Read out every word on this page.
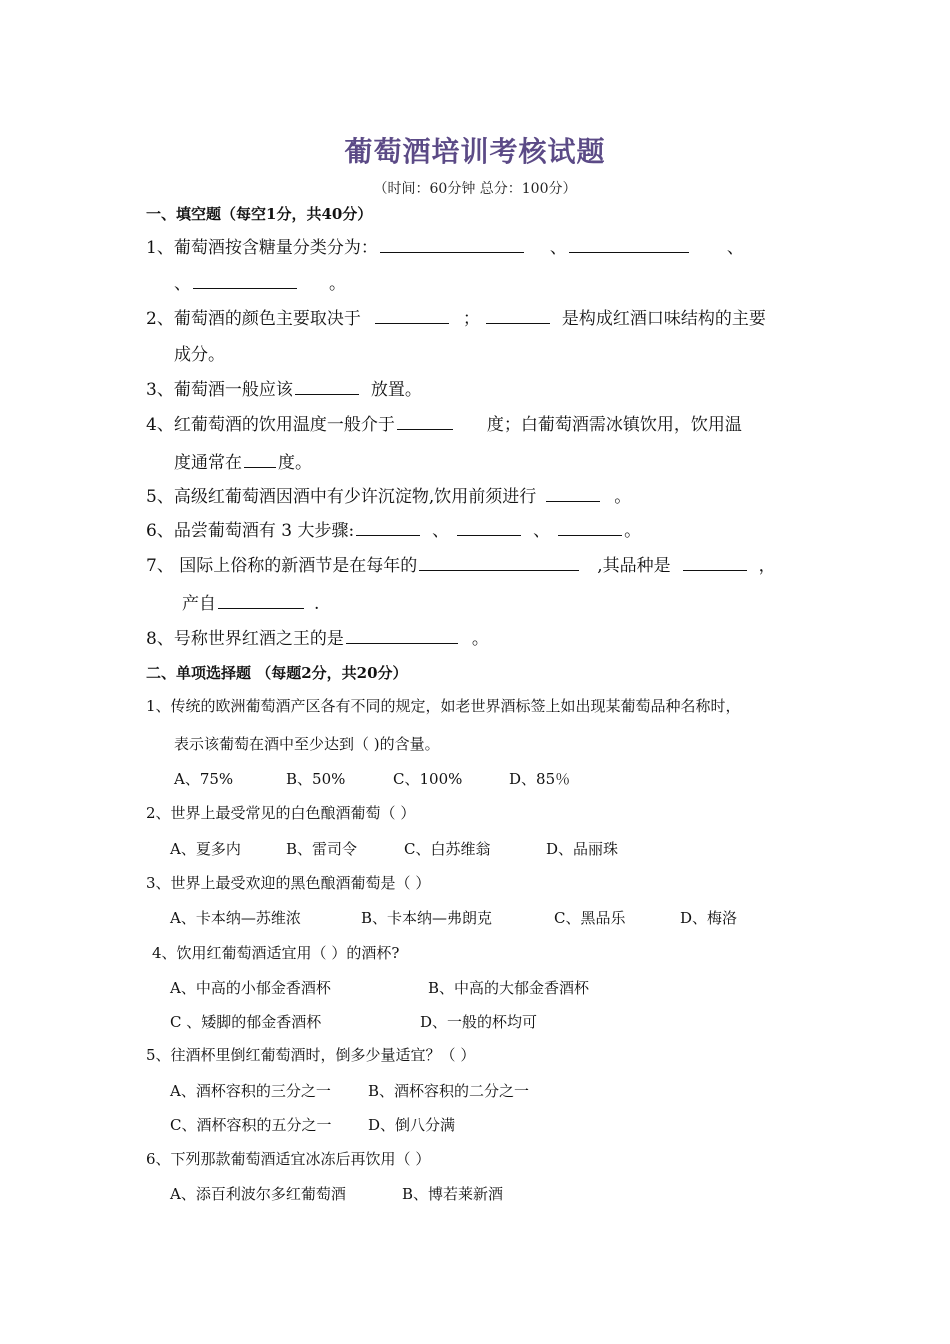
葡萄酒培训考核试题
（时间：60分钟 总分：100分）
一、填空题（每空1分，共40分）
1、葡萄酒按含糖量分类分为：	、	、
、	。
2、葡萄酒的颜色主要取决于	；	是构成红酒口味结构的主要
成分。
3、葡萄酒一般应该	放置。
4、红葡萄酒的饮用温度一般介于	度；白葡萄酒需冰镇饮用，饮用温
度通常在 度。
5、高级红葡萄酒因酒中有少许沉淀物,饮用前须进行	。
6、品尝葡萄酒有 3 大步骤:	、	、	。
7、 国际上俗称的新酒节是在每年的	,其品种是	，
产自	.
8、号称世界红酒之王的是	。
二、单项选择题 （每题2分，共20分）
1、传统的欧洲葡萄酒产区各有不同的规定，如老世界酒标签上如出现某葡萄品种名称时，
表示该葡萄在酒中至少达到（ )的含量。
A、75%	B、50%	C、100%	D、85％
2、世界上最受常见的白色酿酒葡萄（ ）
A、夏多内	B、雷司令	C、白苏维翁	D、品丽珠
3、世界上最受欢迎的黑色酿酒葡萄是（ ）
A、卡本纳—苏维浓	B、卡本纳—弗朗克	C、黑品乐	D、梅洛
4、饮用红葡萄酒适宜用（ ）的酒杯?
A、中高的小郁金香酒杯	B、中高的大郁金香酒杯
C 、矮脚的郁金香酒杯	D、一般的杯均可
5、往酒杯里倒红葡萄酒时，倒多少量适宜？（ ）
A、酒杯容积的三分之一 B、酒杯容积的二分之一
C、酒杯容积的五分之一 D、倒八分满
6、下列那款葡萄酒适宜冰冻后再饮用（ ）
A、添百利波尔多红葡萄酒	B、博若莱新酒
